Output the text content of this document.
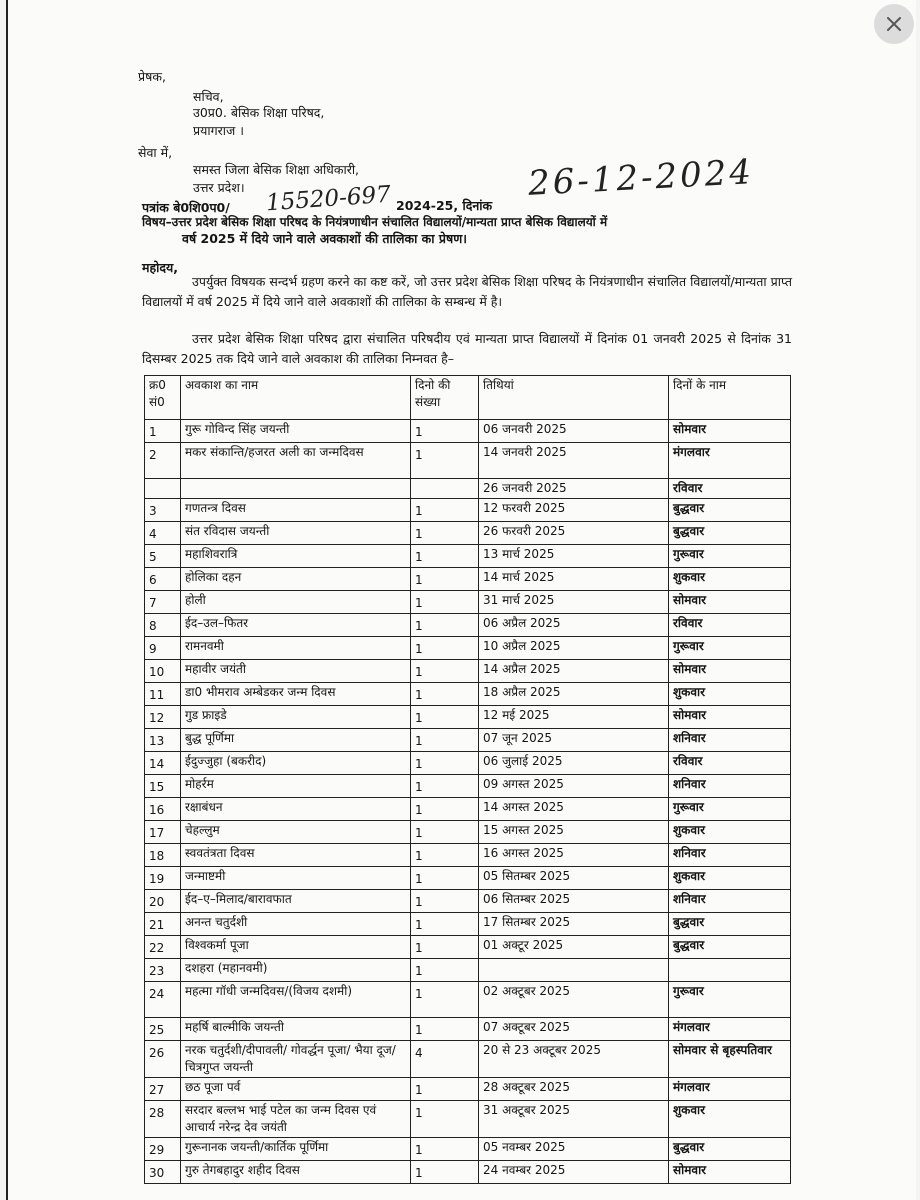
प्रेषक,
सचिव,
उ0प्र0. बेसिक शिक्षा परिषद,
प्रयागराज ।
सेवा में,
समस्त जिला बेसिक शिक्षा अधिकारी,
उत्तर प्रदेश।
पत्रांक बे0शि0प0/ 15520-697 2024-25, दिनांक
26-12-2024
विषय–उत्तर प्रदेश बेसिक शिक्षा परिषद के नियंत्रणाधीन संचालित विद्यालयों/मान्यता प्राप्त बेसिक विद्यालयों में
वर्ष 2025 में दिये जाने वाले अवकाशों की तालिका का प्रेषण।
महोदय,
उपर्युक्त विषयक सन्दर्भ ग्रहण करने का कष्ट करें, जो उत्तर प्रदेश बेसिक शिक्षा परिषद के नियंत्रणाधीन संचालित विद्यालयों/मान्यता प्राप्त विद्यालयों में वर्ष 2025 में दिये जाने वाले अवकाशों की तालिका के सम्बन्ध में है।
उत्तर प्रदेश बेसिक शिक्षा परिषद द्वारा संचालित परिषदीय एवं मान्यता प्राप्त विद्यालयों में दिनांक 01 जनवरी 2025 से दिनांक 31 दिसम्बर 2025 तक दिये जाने वाले अवकाश की तालिका निम्नवत है–
क्र0 सं0	अवकाश का नाम	दिनो की संख्या	तिथियां	दिनों के नाम
1	गुरू गोविन्द सिंह जयन्ती	1	06 जनवरी 2025	सोमवार
2	मकर संकान्ति/हजरत अली का जन्मदिवस	1	14 जनवरी 2025	मंगलवार
			26 जनवरी 2025	रविवार
3	गणतन्त्र दिवस	1	12 फरवरी 2025	बुद्धवार
4	संत रविदास जयन्ती	1	26 फरवरी 2025	बुद्धवार
5	महाशिवरात्रि	1	13 मार्च 2025	गुरूवार
6	होलिका दहन	1	14 मार्च 2025	शुकवार
7	होली	1	31 मार्च 2025	सोमवार
8	ईद–उल–फितर	1	06 अप्रैल 2025	रविवार
9	रामनवमी	1	10 अप्रैल 2025	गुरूवार
10	महावीर जयंती	1	14 अप्रैल 2025	सोमवार
11	डा0 भीमराव अम्बेडकर जन्म दिवस	1	18 अप्रैल 2025	शुकवार
12	गुड फ्राइडे	1	12 मई 2025	सोमवार
13	बुद्ध पूर्णिमा	1	07 जून 2025	शनिवार
14	ईदुज्जुहा (बकरीद)	1	06 जुलाई 2025	रविवार
15	मोहर्रम	1	09 अगस्त 2025	शनिवार
16	रक्षाबंधन	1	14 अगस्त 2025	गुरूवार
17	चेहल्लुम	1	15 अगस्त 2025	शुकवार
18	स्ववतंत्रता दिवस	1	16 अगस्त 2025	शनिवार
19	जन्माष्टमी	1	05 सितम्बर 2025	शुकवार
20	ईद–ए–मिलाद/बारावफात	1	06 सितम्बर 2025	शनिवार
21	अनन्त चतुर्दशी	1	17 सितम्बर 2025	बुद्धवार
22	विश्वकर्मा पूजा	1	01 अक्टूर 2025	बुद्धवार
23	दशहरा (महानवमी)	1		
24	महत्मा गॉधी जन्मदिवस/(विजय दशमी)	1	02 अक्टूबर 2025	गुरूवार
25	महर्षि बाल्मीकि जयन्ती	1	07 अक्टूबर 2025	मंगलवार
26	नरक चतुर्दशी/दीपावली/ गोवर्द्धन पूजा/ भैया दूज/चित्रगुप्त जयन्ती	4	20 से 23 अक्टूबर 2025	सोमवार से बृहस्पतिवार
27	छठ पूजा पर्व	1	28 अक्टूबर 2025	मंगलवार
28	सरदार बल्लभ भाई पटेल का जन्म दिवस एवं आचार्य नरेन्द्र देव जयंती	1	31 अक्टूबर 2025	शुकवार
29	गुरूनानक जयन्ती/कार्तिक पूर्णिमा	1	05 नवम्बर 2025	बुद्धवार
30	गुरु तेगबहादुर शहीद दिवस	1	24 नवम्बर 2025	सोमवार
